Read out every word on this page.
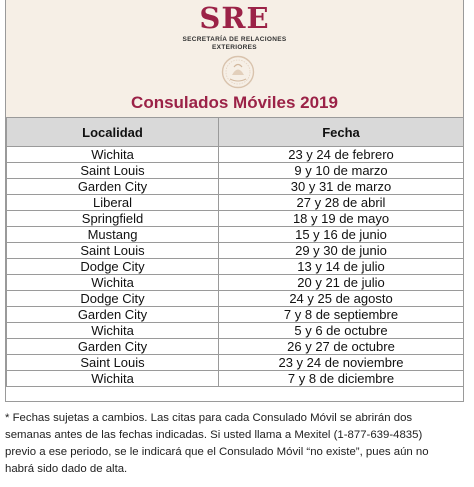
SRE
SECRETARÍA DE RELACIONES
EXTERIORES
Consulados Móviles 2019
Localidad	Fecha
Wichita	23 y 24 de febrero
Saint Louis	9 y 10 de marzo
Garden City	30 y 31 de marzo
Liberal	27 y 28 de abril
Springfield	18 y 19 de mayo
Mustang	15 y 16 de junio
Saint Louis	29 y 30 de junio
Dodge City	13 y 14 de julio
Wichita	20 y 21 de julio
Dodge City	24 y 25 de agosto
Garden City	7 y 8 de septiembre
Wichita	5 y 6 de octubre
Garden City	26 y 27 de octubre
Saint Louis	23 y 24 de noviembre
Wichita	7 y 8 de diciembre
* Fechas sujetas a cambios. Las citas para cada Consulado Móvil se abrirán dos
semanas antes de las fechas indicadas. Si usted llama a Mexitel (1-877-639-4835)
previo a ese periodo, se le indicará que el Consulado Móvil “no existe”, pues aún no
habrá sido dado de alta.
